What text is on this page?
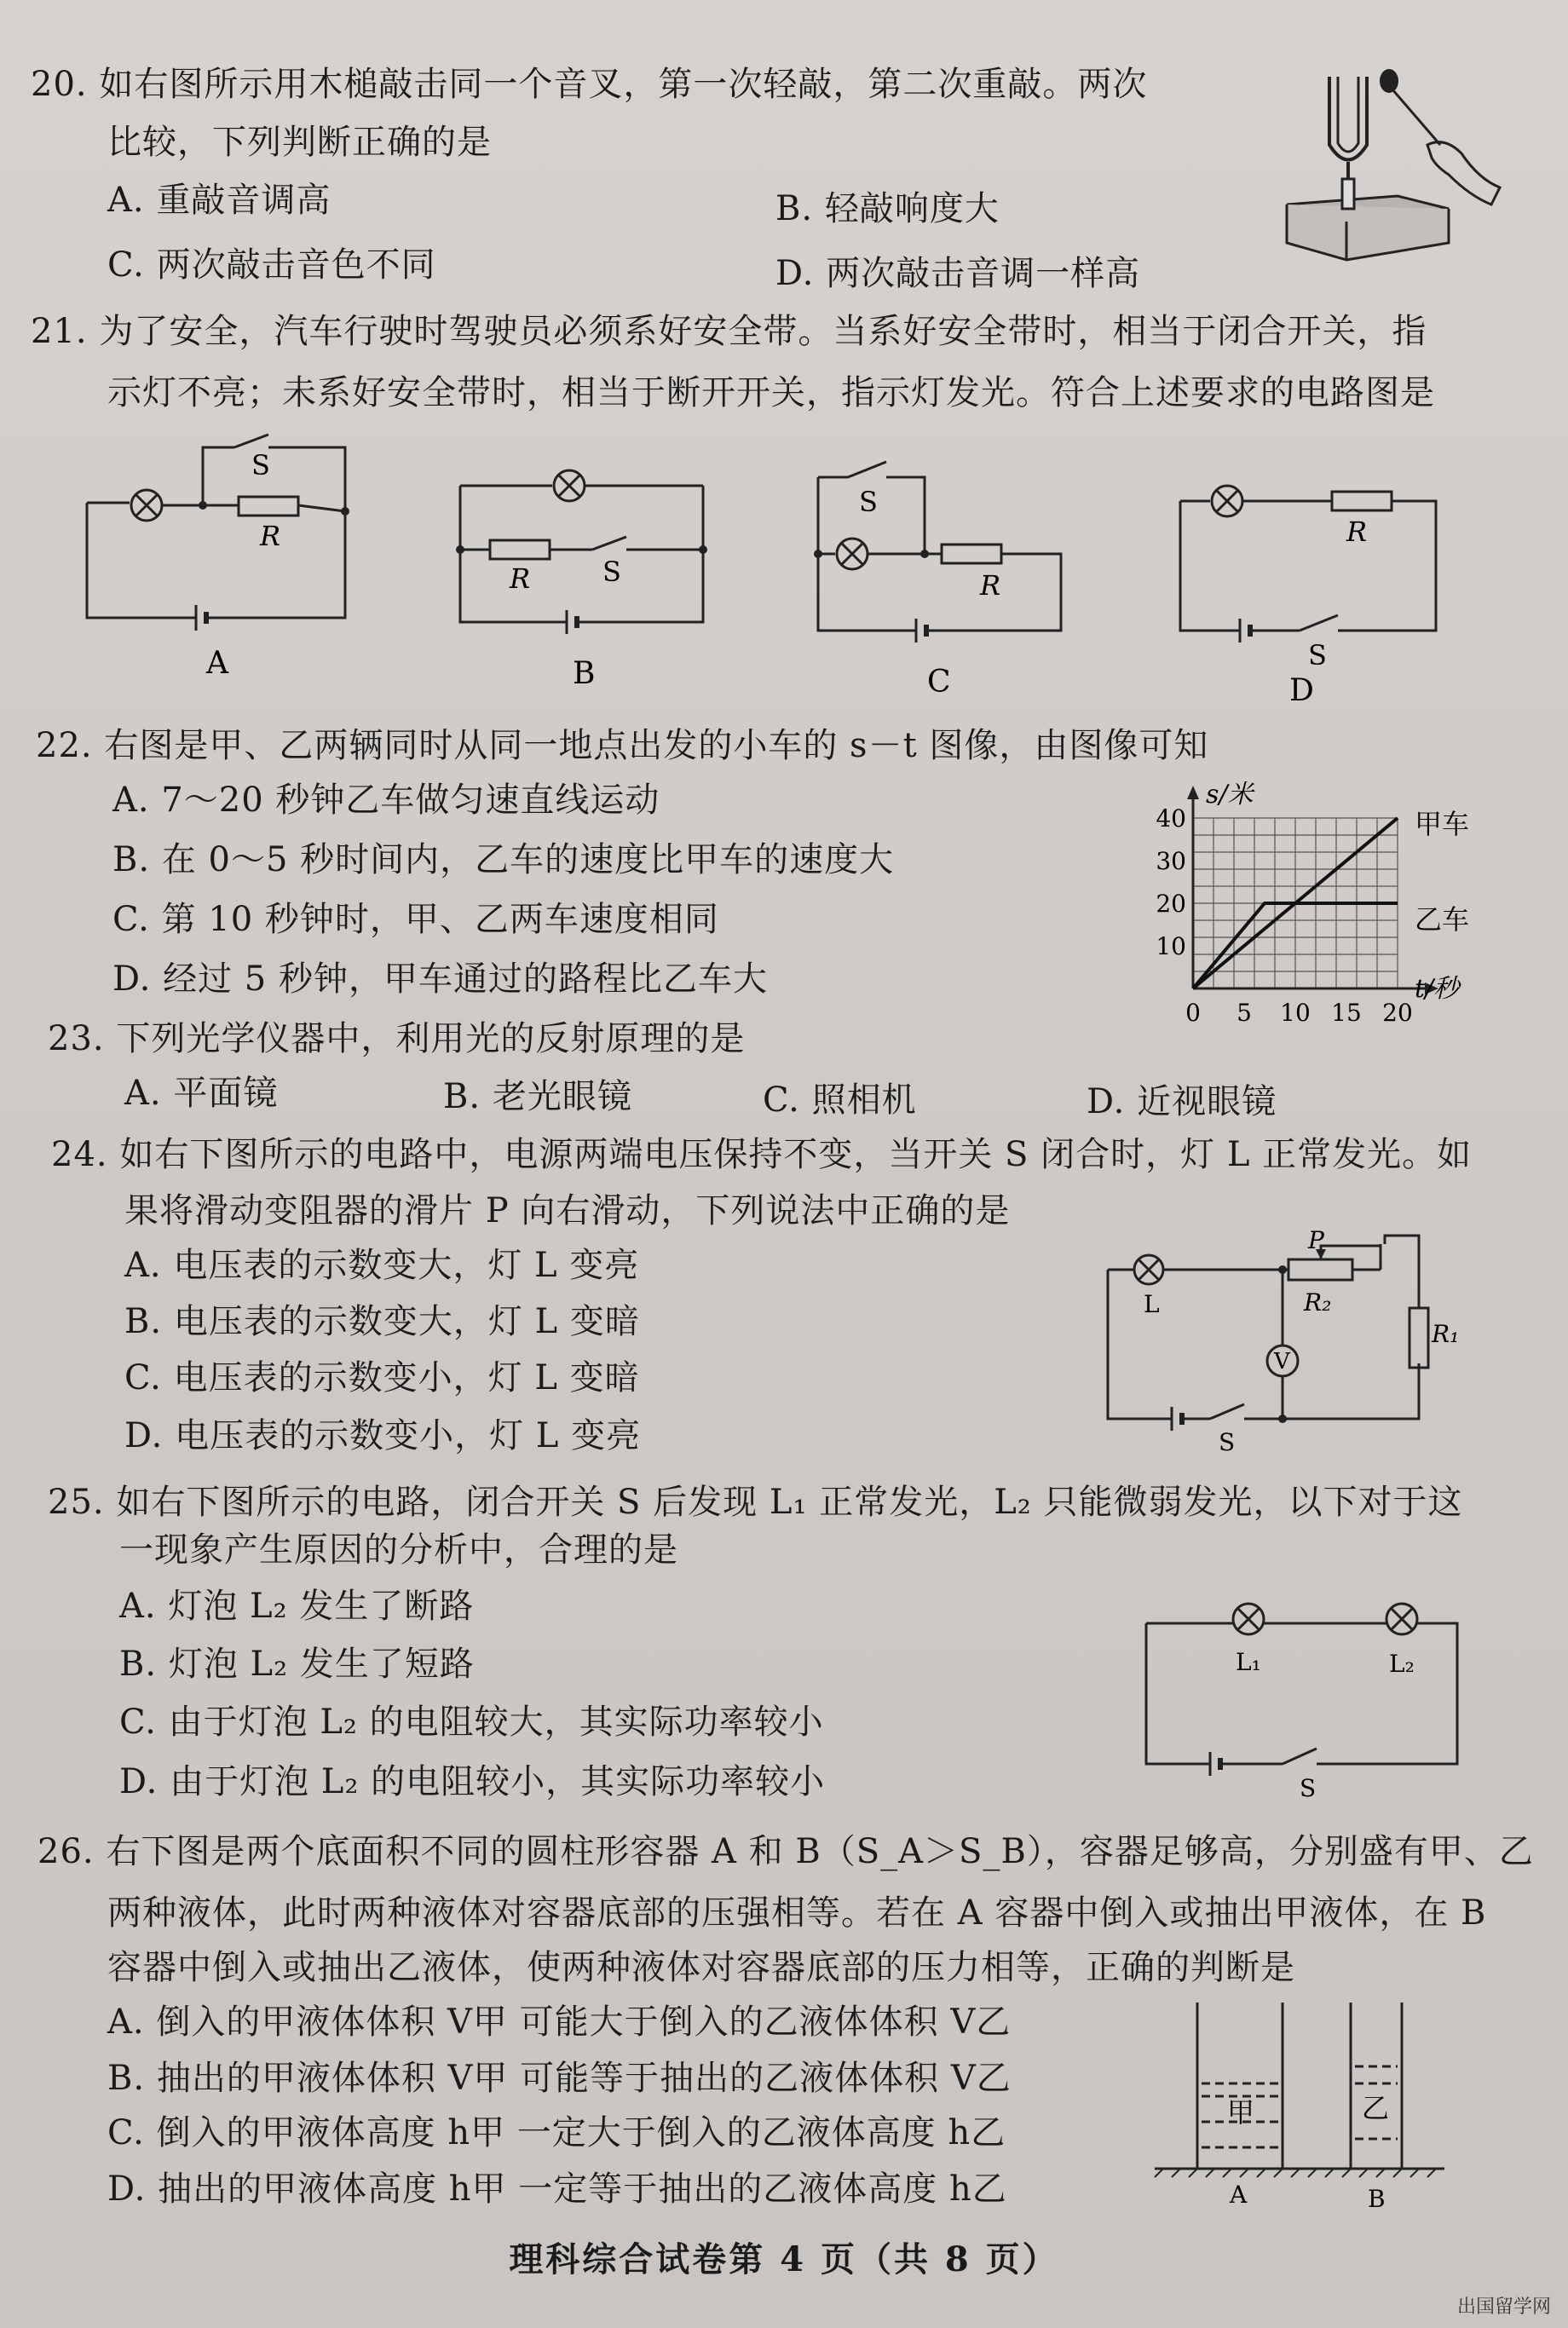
20. 如右图所示用木槌敲击同一个音叉，第一次轻敲，第二次重敲。两次
比较，下列判断正确的是
A. 重敲音调高	B. 轻敲响度大
C. 两次敲击音色不同	D. 两次敲击音调一样高
21. 为了安全，汽车行驶时驾驶员必须系好安全带。当系好安全带时，相当于闭合开关，指
示灯不亮；未系好安全带时，相当于断开开关，指示灯发光。符合上述要求的电路图是
S
R
A
R	S
B
S
R
C
R
S
D
22. 右图是甲、乙两辆同时从同一地点出发的小车的 s－t 图像，由图像可知
A. 7～20 秒钟乙车做匀速直线运动
B. 在 0～5 秒时间内，乙车的速度比甲车的速度大
C. 第 10 秒钟时，甲、乙两车速度相同
D. 经过 5 秒钟，甲车通过的路程比乙车大
0 5 10 15 20
10
20
30
40
s/米
t/秒
甲车
乙车
23. 下列光学仪器中，利用光的反射原理的是
A. 平面镜	B. 老光眼镜	C. 照相机	D. 近视眼镜
24. 如右下图所示的电路中，电源两端电压保持不变，当开关 S 闭合时，灯 L 正常发光。如
果将滑动变阻器的滑片 P 向右滑动，下列说法中正确的是
A. 电压表的示数变大，灯 L 变亮
B. 电压表的示数变大，灯 L 变暗
C. 电压表的示数变小，灯 L 变暗
D. 电压表的示数变小，灯 L 变亮
L
P
R₂
R₁
V
S
25. 如右下图所示的电路，闭合开关 S 后发现 L₁ 正常发光，L₂ 只能微弱发光，以下对于这
一现象产生原因的分析中，合理的是
A. 灯泡 L₂ 发生了断路
B. 灯泡 L₂ 发生了短路
C. 由于灯泡 L₂ 的电阻较大，其实际功率较小
D. 由于灯泡 L₂ 的电阻较小，其实际功率较小
L₁	L₂
S
26. 右下图是两个底面积不同的圆柱形容器 A 和 B（S_A＞S_B），容器足够高，分别盛有甲、乙
两种液体，此时两种液体对容器底部的压强相等。若在 A 容器中倒入或抽出甲液体，在 B
容器中倒入或抽出乙液体，使两种液体对容器底部的压力相等，正确的判断是
A. 倒入的甲液体体积 V甲 可能大于倒入的乙液体体积 V乙
B. 抽出的甲液体体积 V甲 可能等于抽出的乙液体体积 V乙
C. 倒入的甲液体高度 h甲 一定大于倒入的乙液体高度 h乙
D. 抽出的甲液体高度 h甲 一定等于抽出的乙液体高度 h乙
甲	乙
A	B
理科综合试卷第 4 页（共 8 页）
出国留学网
